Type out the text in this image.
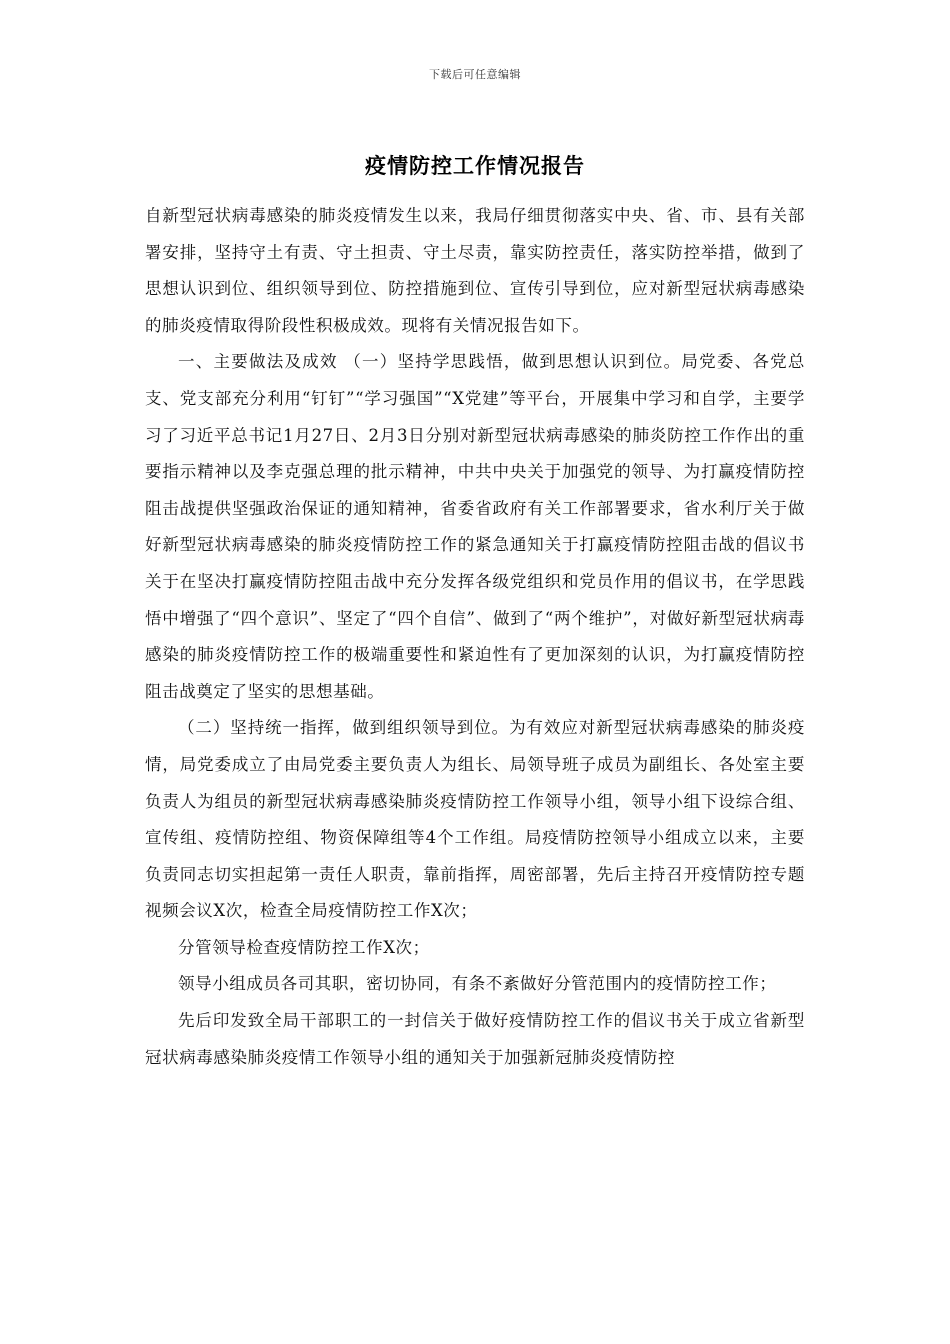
下载后可任意编辑
疫情防控工作情况报告

自新型冠状病毒感染的肺炎疫情发生以来，我局仔细贯彻落实中央、省、市、县有关部署安排，坚持守土有责、守土担责、守土尽责，靠实防控责任，落实防控举措，做到了思想认识到位、组织领导到位、防控措施到位、宣传引导到位，应对新型冠状病毒感染的肺炎疫情取得阶段性积极成效。现将有关情况报告如下。

一、主要做法及成效 （一）坚持学思践悟，做到思想认识到位。局党委、各党总支、党支部充分利用“钉钉”“学习强国”“X党建”等平台，开展集中学习和自学，主要学习了习近平总书记1月27日、2月3日分别对新型冠状病毒感染的肺炎防控工作作出的重要指示精神以及李克强总理的批示精神，中共中央关于加强党的领导、为打赢疫情防控阻击战提供坚强政治保证的通知精神，省委省政府有关工作部署要求，省水利厅关于做好新型冠状病毒感染的肺炎疫情防控工作的紧急通知关于打赢疫情防控阻击战的倡议书关于在坚决打赢疫情防控阻击战中充分发挥各级党组织和党员作用的倡议书，在学思践悟中增强了“四个意识”、坚定了“四个自信”、做到了“两个维护”，对做好新型冠状病毒感染的肺炎疫情防控工作的极端重要性和紧迫性有了更加深刻的认识，为打赢疫情防控阻击战奠定了坚实的思想基础。

（二）坚持统一指挥，做到组织领导到位。为有效应对新型冠状病毒感染的肺炎疫情，局党委成立了由局党委主要负责人为组长、局领导班子成员为副组长、各处室主要负责人为组员的新型冠状病毒感染肺炎疫情防控工作领导小组，领导小组下设综合组、宣传组、疫情防控组、物资保障组等4个工作组。局疫情防控领导小组成立以来，主要负责同志切实担起第一责任人职责，靠前指挥，周密部署，先后主持召开疫情防控专题视频会议X次，检查全局疫情防控工作X次；

分管领导检查疫情防控工作X次；

领导小组成员各司其职，密切协同，有条不紊做好分管范围内的疫情防控工作；

先后印发致全局干部职工的一封信关于做好疫情防控工作的倡议书关于成立省新型冠状病毒感染肺炎疫情工作领导小组的通知关于加强新冠肺炎疫情防控
